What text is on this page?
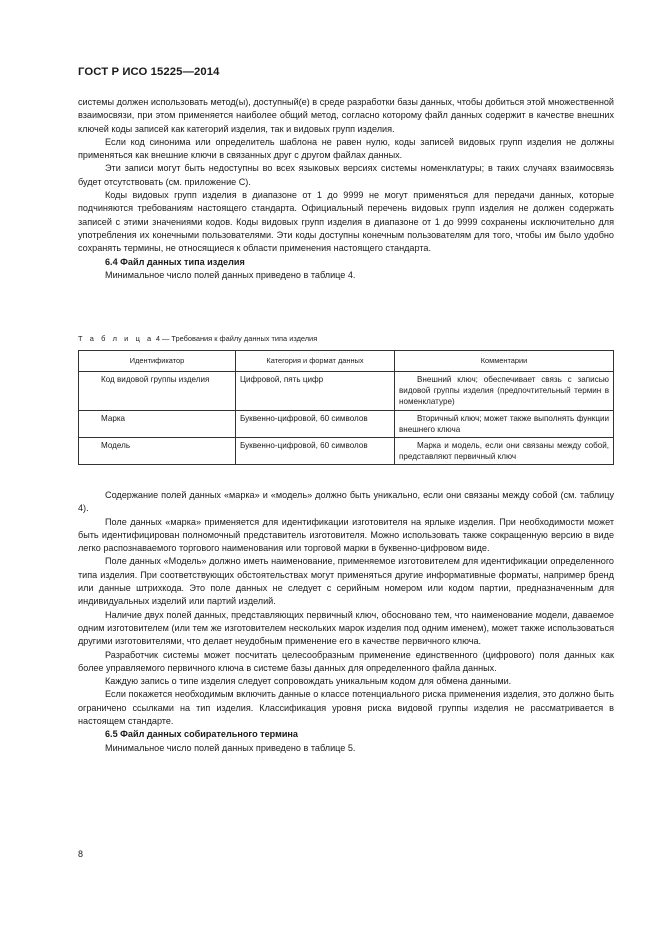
ГОСТ Р ИСО 15225—2014

системы должен использовать метод(ы), доступный(е) в среде разработки базы данных, чтобы добиться этой множественной взаимосвязи, при этом применяется наиболее общий метод, согласно которому файл данных содержит в качестве внешних ключей коды записей как категорий изделия, так и видовых групп изделия.

Если код синонима или определитель шаблона не равен нулю, коды записей видовых групп изделия не должны применяться как внешние ключи в связанных друг с другом файлах данных.

Эти записи могут быть недоступны во всех языковых версиях системы номенклатуры; в таких случаях взаимосвязь будет отсутствовать (см. приложение С).

Коды видовых групп изделия в диапазоне от 1 до 9999 не могут применяться для передачи данных, которые подчиняются требованиям настоящего стандарта. Официальный перечень видовых групп изделия не должен содержать записей с этими значениями кодов. Коды видовых групп изделия в диапазоне от 1 до 9999 сохранены исключительно для употребления их конечными пользователями. Эти коды доступны конечным пользователям для того, чтобы им было удобно сохранять термины, не относящиеся к области применения настоящего стандарта.

6.4 Файл данных типа изделия

Минимальное число полей данных приведено в таблице 4.

Т а б л и ц а 4 — Требования к файлу данных типа изделия
Идентификатор	Категория и формат данных	Комментарии

Код видовой группы изделия	Цифровой, пять цифр	Внешний ключ; обеспечивает связь с записью видовой группы изделия (предпочтительный термин в номенклатуре)

Марка	Буквенно-цифровой, 60 символов	Вторичный ключ; может также выполнять функции внешнего ключа

Модель	Буквенно-цифровой, 60 символов	Марка и модель, если они связаны между собой, представляют первичный ключ

Содержание полей данных «марка» и «модель» должно быть уникально, если они связаны между собой (см. таблицу 4).

Поле данных «марка» применяется для идентификации изготовителя на ярлыке изделия. При необходимости может быть идентифицирован полномочный представитель изготовителя. Можно использовать также сокращенную версию в виде легко распознаваемого торгового наименования или торговой марки в буквенно-цифровом виде.

Поле данных «Модель» должно иметь наименование, применяемое изготовителем для идентификации определенного типа изделия. При соответствующих обстоятельствах могут применяться другие информативные форматы, например бренд или данные штрихкода. Это поле данных не следует с серийным номером или кодом партии, предназначенным для индивидуальных изделий или партий изделий.

Наличие двух полей данных, представляющих первичный ключ, обосновано тем, что наименование модели, даваемое одним изготовителем (или тем же изготовителем нескольких марок изделия под одним именем), может также использоваться другими изготовителями, что делает неудобным применение его в качестве первичного ключа.

Разработчик системы может посчитать целесообразным применение единственного (цифрового) поля данных как более управляемого первичного ключа в системе базы данных для определенного файла данных.

Каждую запись о типе изделия следует сопровождать уникальным кодом для обмена данными.

Если покажется необходимым включить данные о классе потенциального риска применения изделия, это должно быть ограничено ссылками на тип изделия. Классификация уровня риска видовой группы изделия не рассматривается в настоящем стандарте.

6.5 Файл данных собирательного термина

Минимальное число полей данных приведено в таблице 5.

8
